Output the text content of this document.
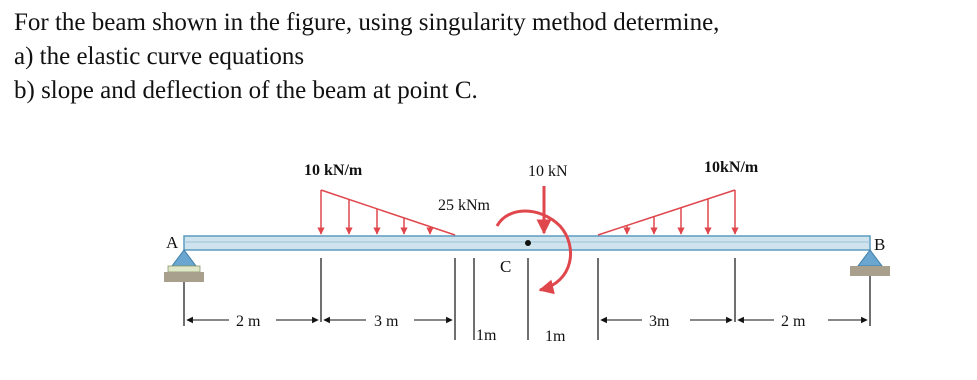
For the beam shown in the figure, using singularity method determine,
a) the elastic curve equations
b) slope and deflection of the beam at point C.
A	B
C
10 kN/m	10 kN	10kN/m
25 kNm
2 m	3 m
1m	1m
3m	2 m
